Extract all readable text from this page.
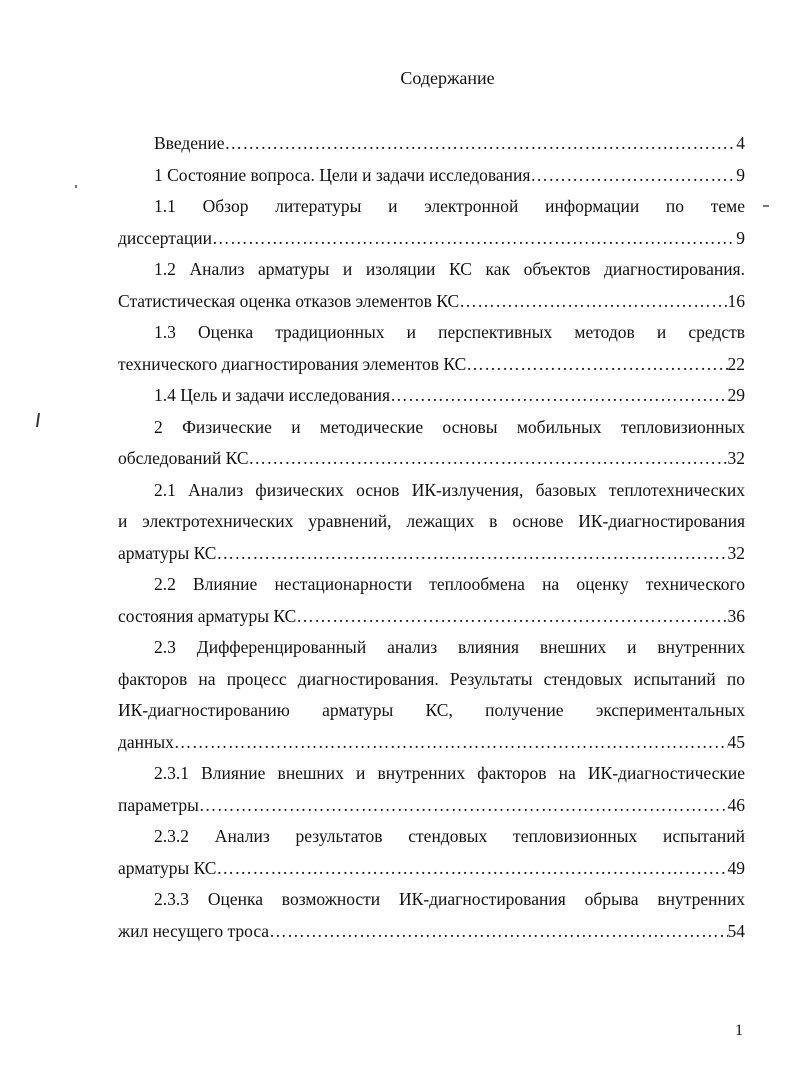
Содержание
Введение ……………………………………………………………………………………………………………………………………………………	4
1 Состояние вопроса. Цели и задачи исследования ……………………………………………………………………………………………………………………………………………………	9
1.1 Обзор литературы и электронной информации по теме
диссертации ……………………………………………………………………………………………………………………………………………………	9
1.2 Анализ арматуры и изоляции КС как объектов диагностирования.
Статистическая оценка отказов элементов КС ……………………………………………………………………………………………………………………………………………………	16
1.3 Оценка традиционных и перспективных методов и средств
технического диагностирования элементов КС ……………………………………………………………………………………………………………………………………………………	22
1.4 Цель и задачи исследования ……………………………………………………………………………………………………………………………………………………	29
2 Физические и методические основы мобильных тепловизионных
обследований КС ……………………………………………………………………………………………………………………………………………………	32
2.1 Анализ физических основ ИК-излучения, базовых теплотехнических
и электротехнических уравнений, лежащих в основе ИК-диагностирования
арматуры КС ……………………………………………………………………………………………………………………………………………………	32
2.2 Влияние нестационарности теплообмена на оценку технического
состояния арматуры КС ……………………………………………………………………………………………………………………………………………………	36
2.3 Дифференцированный анализ влияния внешних и внутренних
факторов на процесс диагностирования. Результаты стендовых испытаний по
ИК-диагностированию арматуры КС, получение экспериментальных
данных ……………………………………………………………………………………………………………………………………………………	45
2.3.1 Влияние внешних и внутренних факторов на ИК-диагностические
параметры ……………………………………………………………………………………………………………………………………………………	46
2.3.2 Анализ результатов стендовых тепловизионных испытаний
арматуры КС ……………………………………………………………………………………………………………………………………………………	49
2.3.3 Оценка возможности ИК-диагностирования обрыва внутренних
жил несущего троса ……………………………………………………………………………………………………………………………………………………	54
1
